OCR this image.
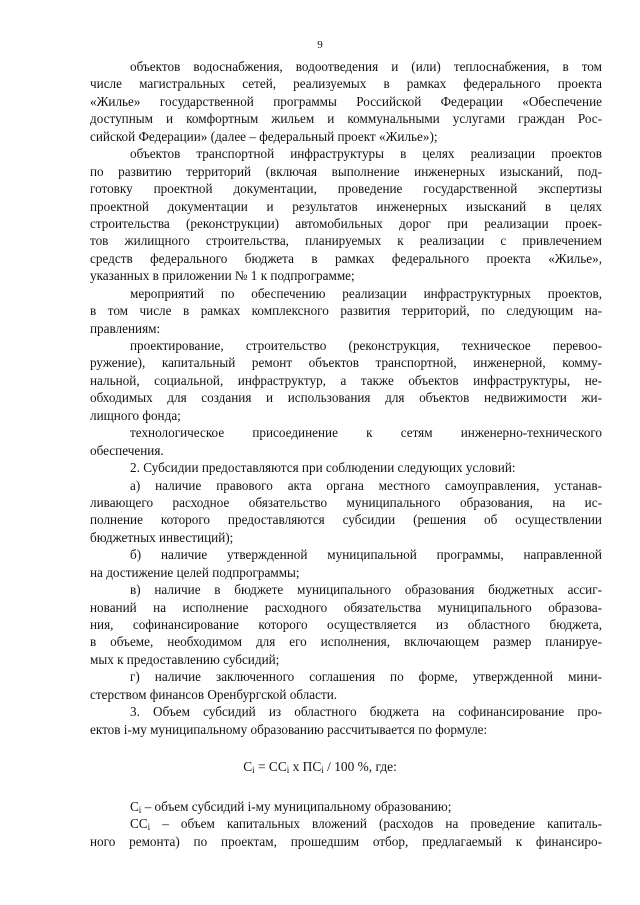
9
объектов водоснабжения, водоотведения и (или) теплоснабжения, в том
числе магистральных сетей, реализуемых в рамках федерального проекта
«Жилье» государственной программы Российской Федерации «Обеспечение
доступным и комфортным жильем и коммунальными услугами граждан Рос-
сийской Федерации» (далее – федеральный проект «Жилье»);
объектов транспортной инфраструктуры в целях реализации проектов
по развитию территорий (включая выполнение инженерных изысканий, под-
готовку проектной документации, проведение государственной экспертизы
проектной документации и результатов инженерных изысканий в целях
строительства (реконструкции) автомобильных дорог при реализации проек-
тов жилищного строительства, планируемых к реализации с привлечением
средств федерального бюджета в рамках федерального проекта «Жилье»,
указанных в приложении № 1 к подпрограмме;
мероприятий по обеспечению реализации инфраструктурных проектов,
в том числе в рамках комплексного развития территорий, по следующим на-
правлениям:
проектирование, строительство (реконструкция, техническое перевоо-
ружение), капитальный ремонт объектов транспортной, инженерной, комму-
нальной, социальной, инфраструктур, а также объектов инфраструктуры, не-
обходимых для создания и использования для объектов недвижимости жи-
лищного фонда;
технологическое присоединение к сетям инженерно-технического
обеспечения.
2. Субсидии предоставляются при соблюдении следующих условий:
а) наличие правового акта органа местного самоуправления, устанав-
ливающего расходное обязательство муниципального образования, на ис-
полнение которого предоставляются субсидии (решения об осуществлении
бюджетных инвестиций);
б) наличие утвержденной муниципальной программы, направленной
на достижение целей подпрограммы;
в) наличие в бюджете муниципального образования бюджетных ассиг-
нований на исполнение расходного обязательства муниципального образова-
ния, софинансирование которого осуществляется из областного бюджета,
в объеме, необходимом для его исполнения, включающем размер планируе-
мых к предоставлению субсидий;
г) наличие заключенного соглашения по форме, утвержденной мини-
стерством финансов Оренбургской области.
3. Объем субсидий из областного бюджета на софинансирование про-
ектов i-му муниципальному образованию рассчитывается по формуле:
$C_i = СС_i$ х $ПС_i / 100$ %, где:
$C_i$ – объем субсидий i-му муниципальному образованию;
$СС_i$ – объем капитальных вложений (расходов на проведение капиталь-
ного ремонта) по проектам, прошедшим отбор, предлагаемый к финансиро-
